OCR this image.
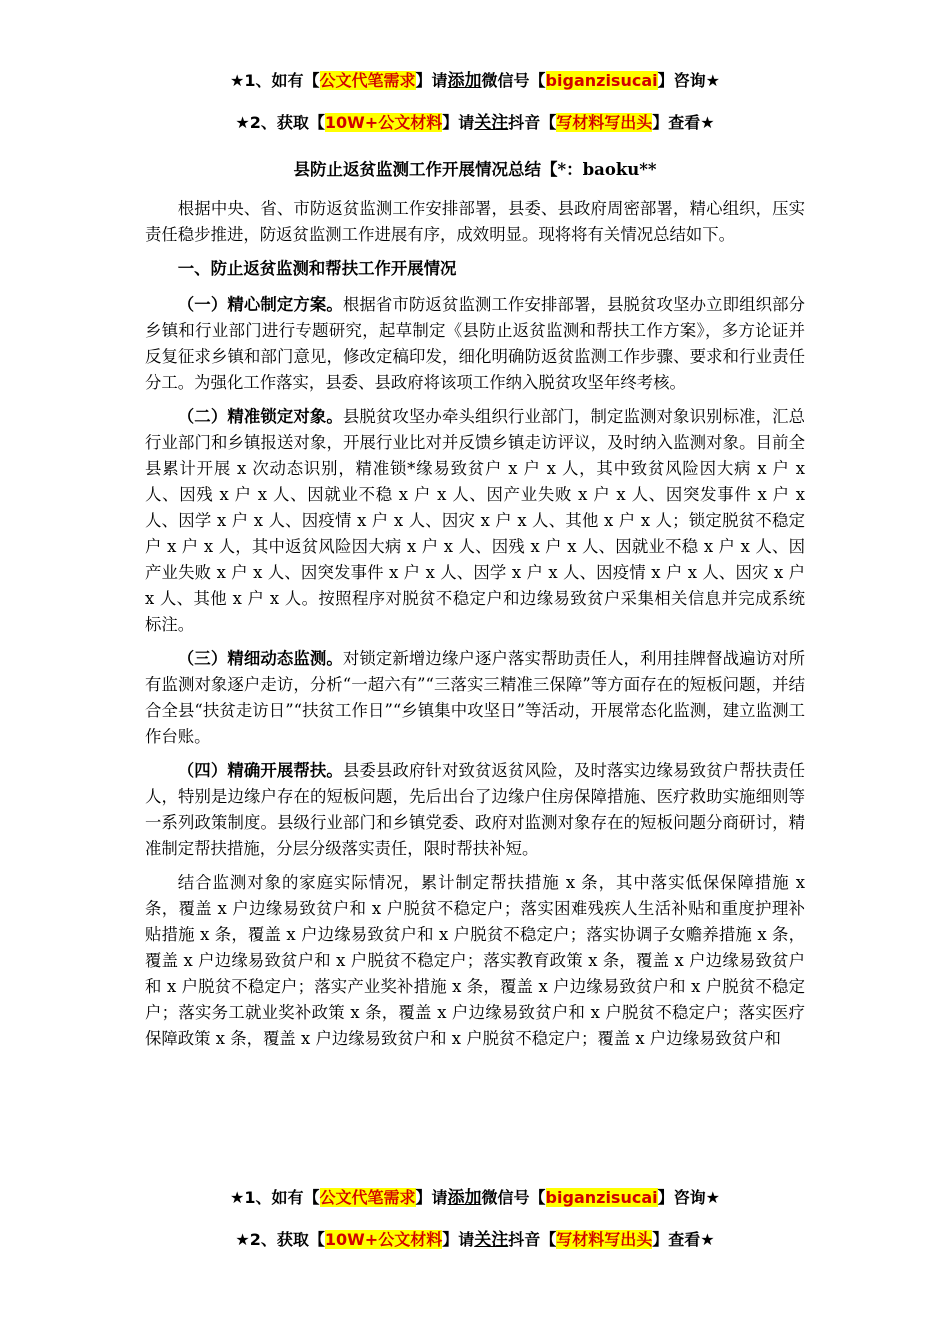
★1、如有【公文代笔需求】请添加微信号【biganzisucai】咨询★
★2、获取【10W+公文材料】请关注抖音【写材料写出头】查看★
县防止返贫监测工作开展情况总结【*：baoku**

根据中央、省、市防返贫监测工作安排部署，县委、县政府周密部署，精心组织，压实责任稳步推进，防返贫监测工作进展有序，成效明显。现将将有关情况总结如下。

一、防止返贫监测和帮扶工作开展情况

（一）精心制定方案。根据省市防返贫监测工作安排部署，县脱贫攻坚办立即组织部分乡镇和行业部门进行专题研究，起草制定《县防止返贫监测和帮扶工作方案》，多方论证并反复征求乡镇和部门意见，修改定稿印发，细化明确防返贫监测工作步骤、要求和行业责任分工。为强化工作落实，县委、县政府将该项工作纳入脱贫攻坚年终考核。

（二）精准锁定对象。县脱贫攻坚办牵头组织行业部门，制定监测对象识别标准，汇总行业部门和乡镇报送对象，开展行业比对并反馈乡镇走访评议，及时纳入监测对象。目前全县累计开展 x 次动态识别，精准锁*缘易致贫户 x 户 x 人，其中致贫风险因大病 x 户 x 人、因残 x 户 x 人、因就业不稳 x 户 x 人、因产业失败 x 户 x 人、因突发事件 x 户 x 人、因学 x 户 x 人、因疫情 x 户 x 人、因灾 x 户 x 人、其他 x 户 x 人；锁定脱贫不稳定户 x 户 x 人，其中返贫风险因大病 x 户 x 人、因残 x 户 x 人、因就业不稳 x 户 x 人、因产业失败 x 户 x 人、因突发事件 x 户 x 人、因学 x 户 x 人、因疫情 x 户 x 人、因灾 x 户 x 人、其他 x 户 x 人。按照程序对脱贫不稳定户和边缘易致贫户采集相关信息并完成系统标注。

（三）精细动态监测。对锁定新增边缘户逐户落实帮助责任人，利用挂牌督战遍访对所有监测对象逐户走访，分析“一超六有”“三落实三精准三保障”等方面存在的短板问题，并结合全县“扶贫走访日”“扶贫工作日”“乡镇集中攻坚日”等活动，开展常态化监测，建立监测工作台账。

（四）精确开展帮扶。县委县政府针对致贫返贫风险，及时落实边缘易致贫户帮扶责任人，特别是边缘户存在的短板问题，先后出台了边缘户住房保障措施、医疗救助实施细则等一系列政策制度。县级行业部门和乡镇党委、政府对监测对象存在的短板问题分商研讨，精准制定帮扶措施，分层分级落实责任，限时帮扶补短。

结合监测对象的家庭实际情况，累计制定帮扶措施 x 条，其中落实低保保障措施 x 条，覆盖 x 户边缘易致贫户和 x 户脱贫不稳定户；落实困难残疾人生活补贴和重度护理补贴措施 x 条，覆盖 x 户边缘易致贫户和 x 户脱贫不稳定户；落实协调子女赡养措施 x 条，覆盖 x 户边缘易致贫户和 x 户脱贫不稳定户；落实教育政策 x 条，覆盖 x 户边缘易致贫户和 x 户脱贫不稳定户；落实产业奖补措施 x 条，覆盖 x 户边缘易致贫户和 x 户脱贫不稳定户；落实务工就业奖补政策 x 条，覆盖 x 户边缘易致贫户和 x 户脱贫不稳定户；落实医疗保障政策 x 条，覆盖 x 户边缘易致贫户和 x 户脱贫不稳定户；覆盖 x 户边缘易致贫户和

★1、如有【公文代笔需求】请添加微信号【biganzisucai】咨询★
★2、获取【10W+公文材料】请关注抖音【写材料写出头】查看★
